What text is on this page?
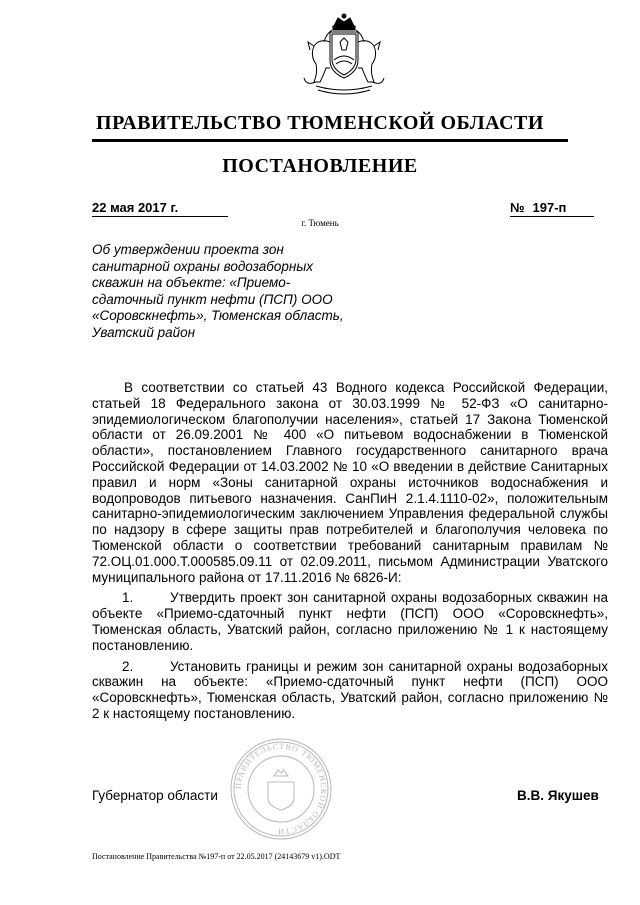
ПРАВИТЕЛЬСТВО ТЮМЕНСКОЙ ОБЛАСТИ
ПОСТАНОВЛЕНИЕ
22 мая 2017 г.	№ 197-п
г. Тюмень
Об утверждении проекта зон санитарной охраны водозаборных скважин на объекте: «Приемо-сдаточный пункт нефти (ПСП) ООО «Соровскнефть», Тюменская область, Уватский район

В соответствии со статьей 43 Водного кодекса Российской Федерации, статьей 18 Федерального закона от 30.03.1999 № 52-ФЗ «О санитарно-эпидемиологическом благополучии населения», статьей 17 Закона Тюменской области от 26.09.2001 № 400 «О питьевом водоснабжении в Тюменской области», постановлением Главного государственного санитарного врача Российской Федерации от 14.03.2002 № 10 «О введении в действие Санитарных правил и норм «Зоны санитарной охраны источников водоснабжения и водопроводов питьевого назначения. СанПиН 2.1.4.1110-02», положительным санитарно-эпидемиологическим заключением Управления федеральной службы по надзору в сфере защиты прав потребителей и благополучия человека по Тюменской области о соответствии требований санитарным правилам № 72.ОЦ.01.000.Т.000585.09.11 от 02.09.2011, письмом Администрации Уватского муниципального района от 17.11.2016 № 6826-И:

1.	Утвердить проект зон санитарной охраны водозаборных скважин на объекте «Приемо-сдаточный пункт нефти (ПСП) ООО «Соровскнефть», Тюменская область, Уватский район, согласно приложению № 1 к настоящему постановлению.

2.	Установить границы и режим зон санитарной охраны водозаборных скважин на объекте: «Приемо-сдаточный пункт нефти (ПСП) ООО «Соровскнефть», Тюменская область, Уватский район, согласно приложению № 2 к настоящему постановлению.

ПРАВИТЕЛЬСТВО ТЮМЕНСКОЙ ОБЛАСТИ
Губернатор области	В.В. Якушев
Постановление Правительства №197-п от 22.05.2017 (24143679 v1).ODT
